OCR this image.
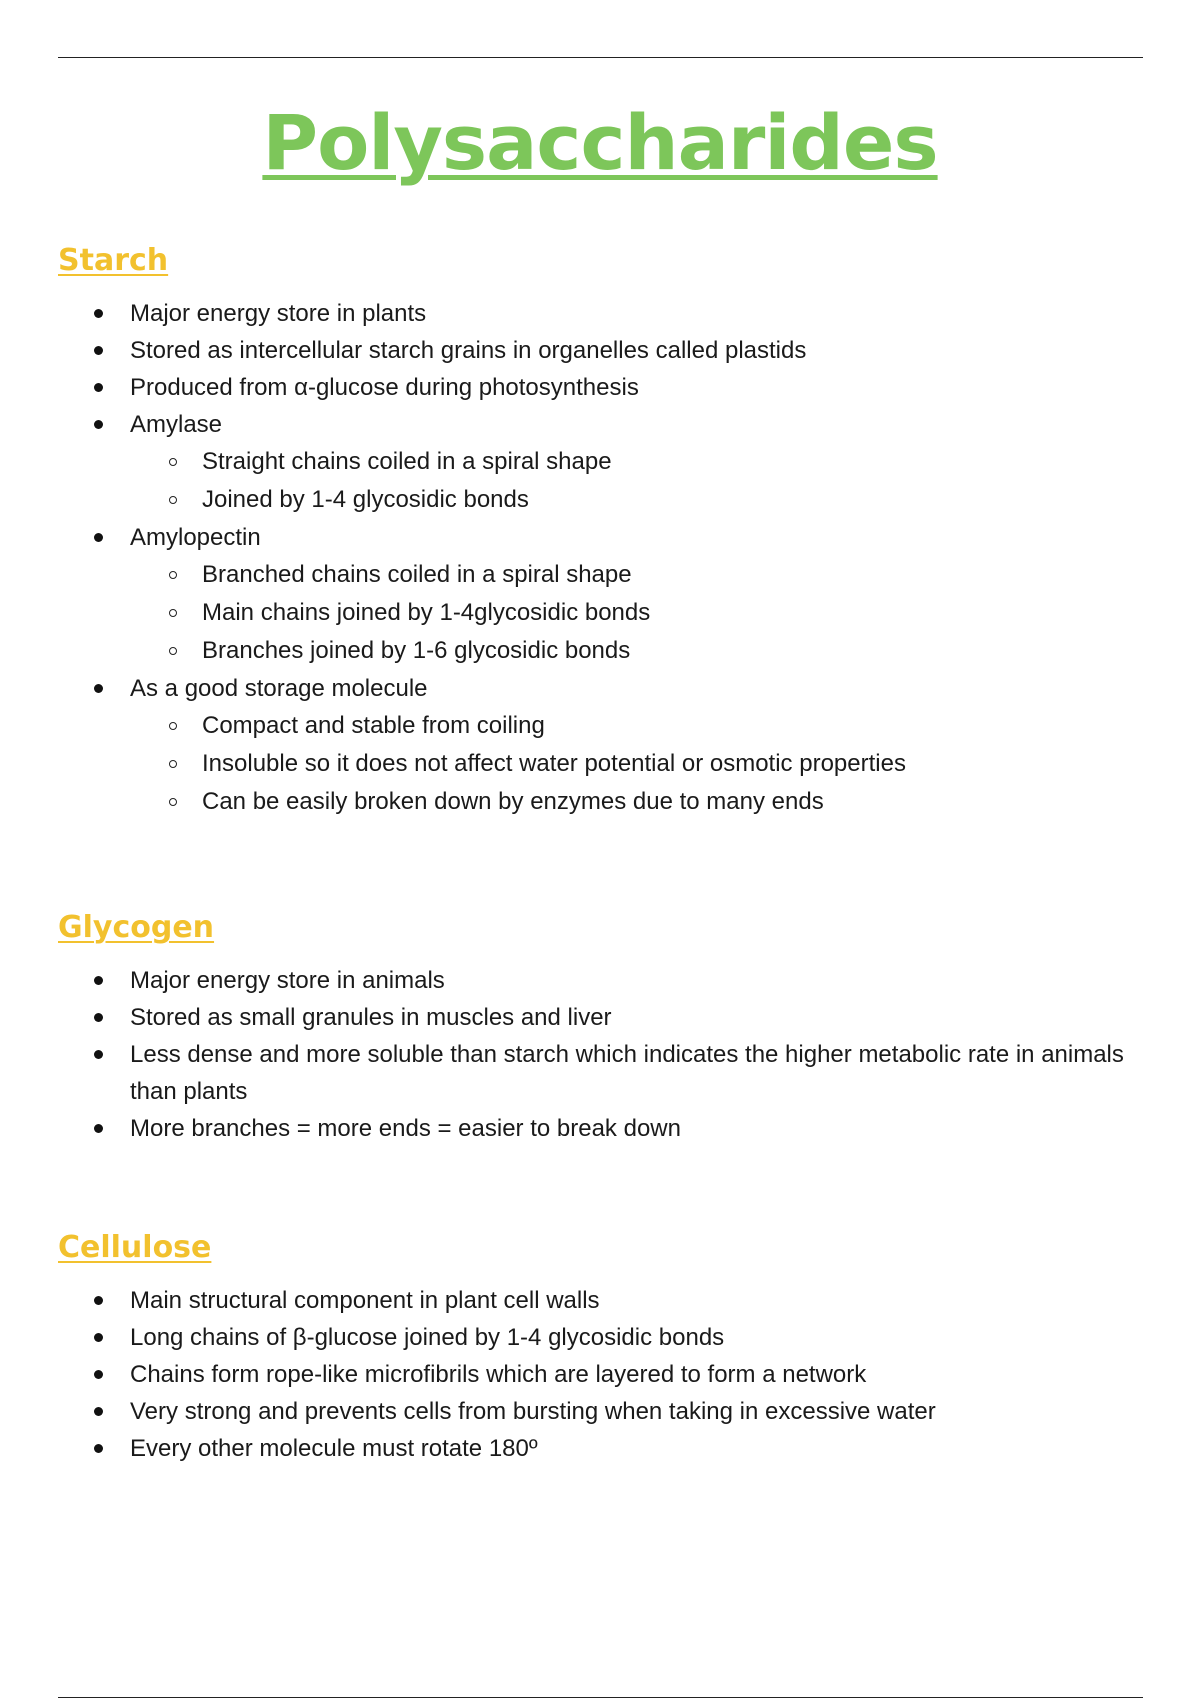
Polysaccharides
Starch
Major energy store in plants
Stored as intercellular starch grains in organelles called plastids
Produced from α-glucose during photosynthesis
Amylase
Straight chains coiled in a spiral shape
Joined by 1-4 glycosidic bonds
Amylopectin
Branched chains coiled in a spiral shape
Main chains joined by 1-4glycosidic bonds
Branches joined by 1-6 glycosidic bonds
As a good storage molecule
Compact and stable from coiling
Insoluble so it does not affect water potential or osmotic properties
Can be easily broken down by enzymes due to many ends
Glycogen
Major energy store in animals
Stored as small granules in muscles and liver
Less dense and more soluble than starch which indicates the higher metabolic rate in animals than plants
More branches = more ends = easier to break down
Cellulose
Main structural component in plant cell walls
Long chains of β-glucose joined by 1-4 glycosidic bonds
Chains form rope-like microfibrils which are layered to form a network
Very strong and prevents cells from bursting when taking in excessive water
Every other molecule must rotate 180º
